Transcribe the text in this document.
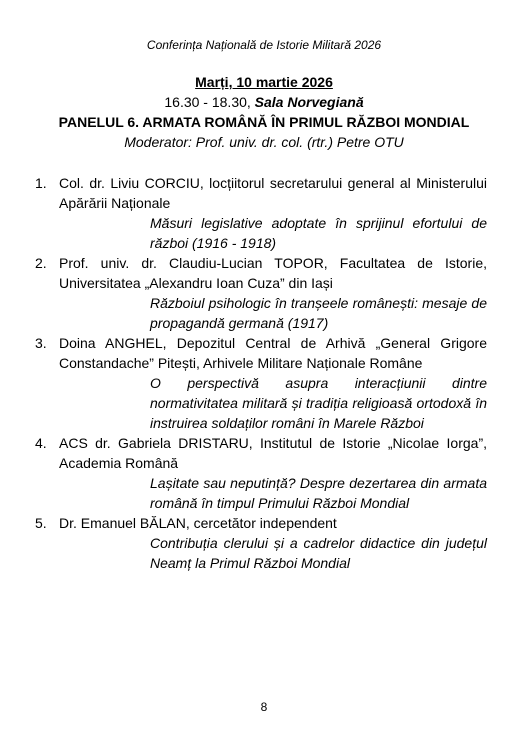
Conferința Națională de Istorie Militară 2026
Marți, 10 martie 2026
16.30 - 18.30, Sala Norvegiană
PANELUL 6. ARMATA ROMÂNĂ ÎN PRIMUL RĂZBOI MONDIAL
Moderator: Prof. univ. dr. col. (rtr.) Petre OTU
1. Col. dr. Liviu CORCIU, locțiitorul secretarului general al Ministerului Apărării Naționale
Măsuri legislative adoptate în sprijinul efortului de război (1916 - 1918)
2. Prof. univ. dr. Claudiu-Lucian TOPOR, Facultatea de Istorie, Universitatea „Alexandru Ioan Cuza” din Iași
Războiul psihologic în tranșeele românești: mesaje de propagandă germană (1917)
3. Doina ANGHEL, Depozitul Central de Arhivă „General Grigore Constandache” Pitești, Arhivele Militare Naționale Române
O perspectivă asupra interacțiunii dintre normativitatea militară și tradiția religioasă ortodoxă în instruirea soldaților români în Marele Război
4. ACS dr. Gabriela DRISTARU, Institutul de Istorie „Nicolae Iorga”, Academia Română
Lașitate sau neputință? Despre dezertarea din armata română în timpul Primului Război Mondial
5. Dr. Emanuel BĂLAN, cercetător independent
Contribuția clerului și a cadrelor didactice din județul Neamț la Primul Război Mondial
8
